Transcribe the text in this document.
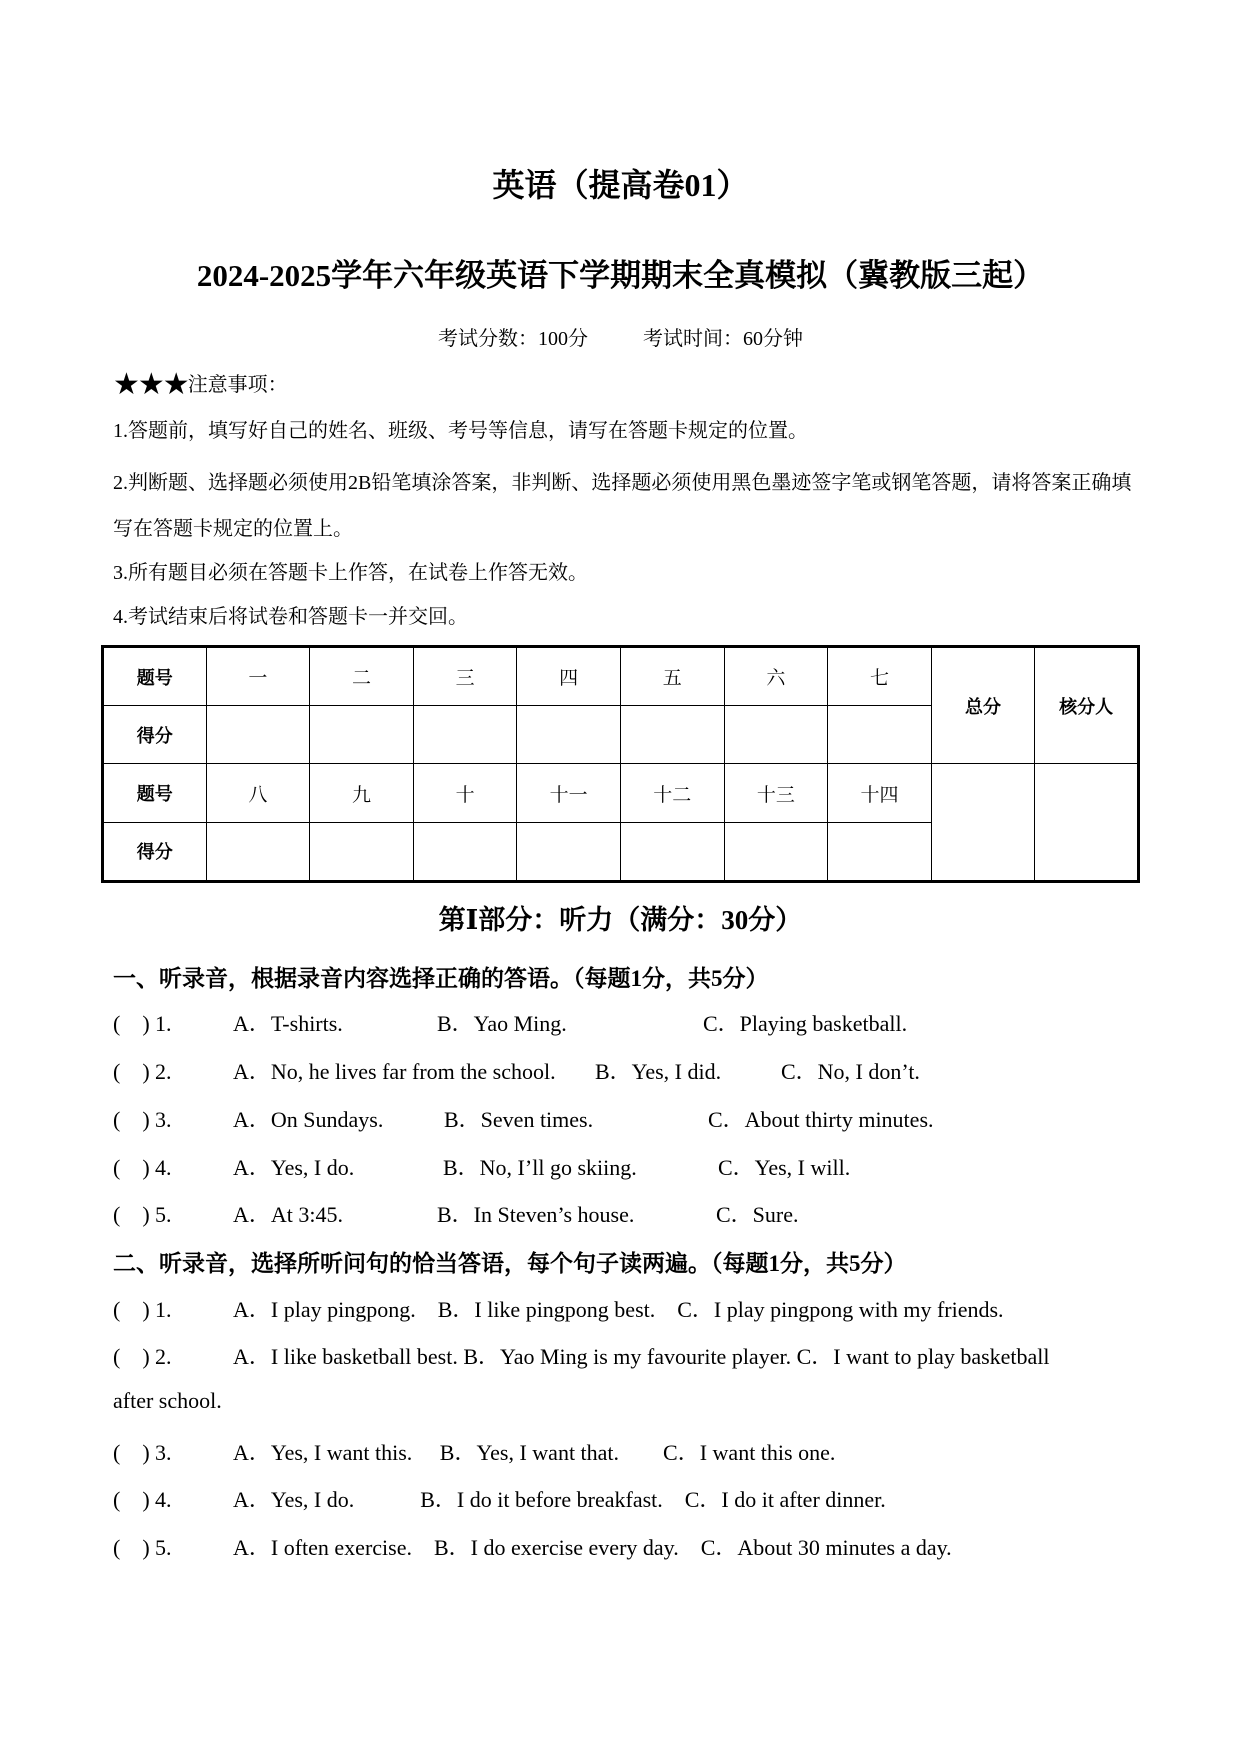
英语（提高卷01）
2024-2025学年六年级英语下学期期末全真模拟（冀教版三起）
考试分数：100分	考试时间：60分钟
★★★注意事项：

1.答题前，填写好自己的姓名、班级、考号等信息，请写在答题卡规定的位置。

2.判断题、选择题必须使用2B铅笔填涂答案，非判断、选择题必须使用黑色墨迹签字笔或钢笔答题，请将答案正确填写在答题卡规定的位置上。

3.所有题目必须在答题卡上作答，在试卷上作答无效。

4.考试结束后将试卷和答题卡一并交回。

题号	一	二	三	四	五	六	七	总分	核分人
得分									
题号	八	九	十	十一	十二	十三	十四		
得分									
第Ⅰ部分：听力（满分：30分）
一、听录音，根据录音内容选择正确的答语。（每题1分，共5分）
(　) 1.	A．T-shirts.	B．Yao Ming.	C．Playing basketball.
(　) 2.	A．No, he lives far from the school. B．Yes, I did.	C．No, I don’t.
(　) 3.	A．On Sundays.	B．Seven times.	C．About thirty minutes.
(　) 4.	A．Yes, I do.	B．No, I’ll go skiing.	C．Yes, I will.
(　) 5.	A．At 3:45.	B．In Steven’s house.	C．Sure.
二、听录音，选择所听问句的恰当答语，每个句子读两遍。（每题1分，共5分）
(　) 1.	A．I play pingpong.　B．I like pingpong best.　C．I play pingpong with my friends.
(　) 2.	A．I like basketball best. B．Yao Ming is my favourite player. C．I want to play basketball
after school.
(　) 3.	A．Yes, I want this.　 B．Yes, I want that.　　C．I want this one.
(　) 4.	A．Yes, I do.　　　B．I do it before breakfast.　C．I do it after dinner.
(　) 5.	A．I often exercise.　B．I do exercise every day.　C．About 30 minutes a day.
